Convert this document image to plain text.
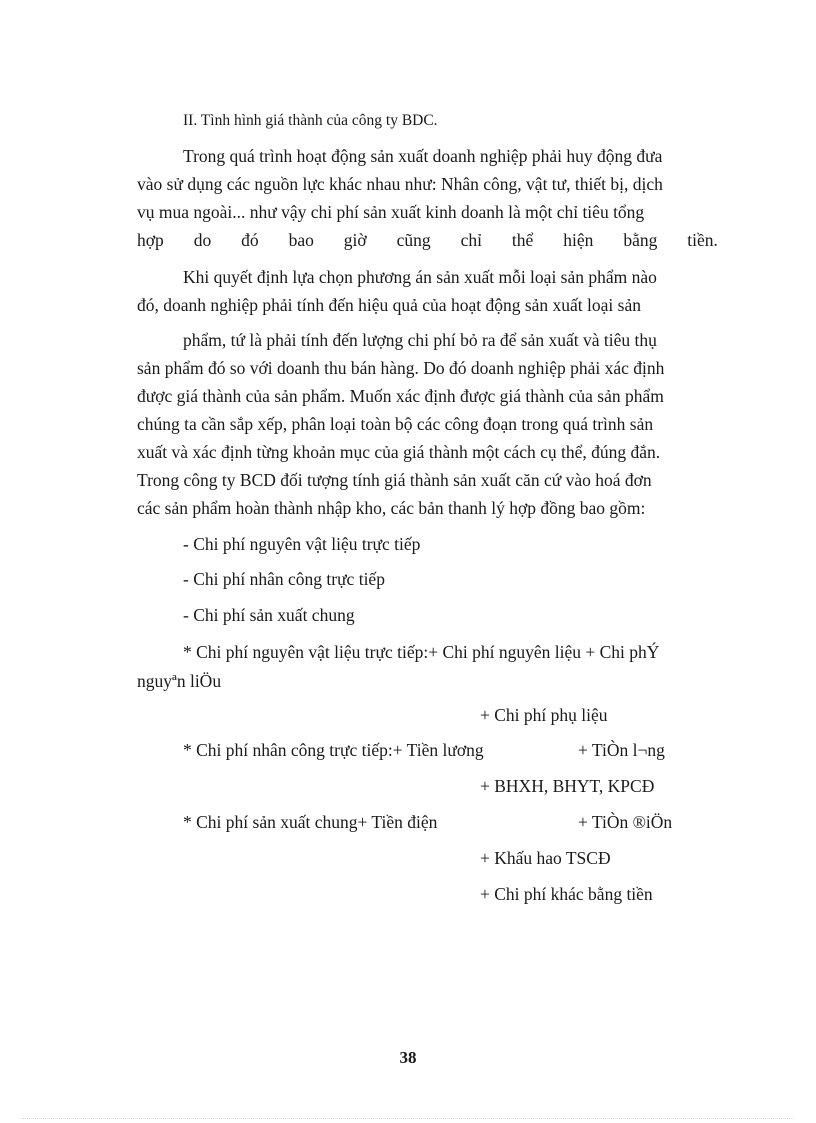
II. Tình hình giá thành của công ty BDC.
Trong quá trình hoạt động sản xuất doanh nghiệp phải huy động đưa
vào sử dụng các nguồn lực khác nhau như: Nhân công, vật tư, thiết bị, dịch
vụ mua ngoài... như vậy chi phí sản xuất kinh doanh là một chỉ tiêu tổng
hợp do đó bao giờ cũng chỉ thể hiện bằng tiền.
Khi quyết định lựa chọn phương án sản xuất mỗi loại sản phẩm nào
đó, doanh nghiệp phải tính đến hiệu quả của hoạt động sản xuất loại sản
phẩm, tứ là phải tính đến lượng chi phí bỏ ra để sản xuất và tiêu thụ
sản phẩm đó so với doanh thu bán hàng. Do đó doanh nghiệp phải xác định
được giá thành của sản phẩm. Muốn xác định được giá thành của sản phẩm
chúng ta cần sắp xếp, phân loại toàn bộ các công đoạn trong quá trình sản
xuất và xác định từng khoản mục của giá thành một cách cụ thể, đúng đắn.
Trong công ty BCD đối tượng tính giá thành sản xuất căn cứ vào hoá đơn
các sản phẩm hoàn thành nhập kho, các bản thanh lý hợp đồng bao gồm:
- Chi phí nguyên vật liệu trực tiếp
- Chi phí nhân công trực tiếp
- Chi phí sản xuất chung
* Chi phí nguyên vật liệu trực tiếp:+ Chi phí nguyên liệu + Chi phÝ
nguyªn liÖu
+ Chi phí phụ liệu
* Chi phí nhân công trực tiếp:+ Tiền lương	+ TiÒn l¬ng
+ BHXH, BHYT, KPCĐ
* Chi phí sản xuất chung+ Tiền điện	+ TiÒn ®iÖn
+ Khấu hao TSCĐ
+ Chi phí khác bằng tiền
38
